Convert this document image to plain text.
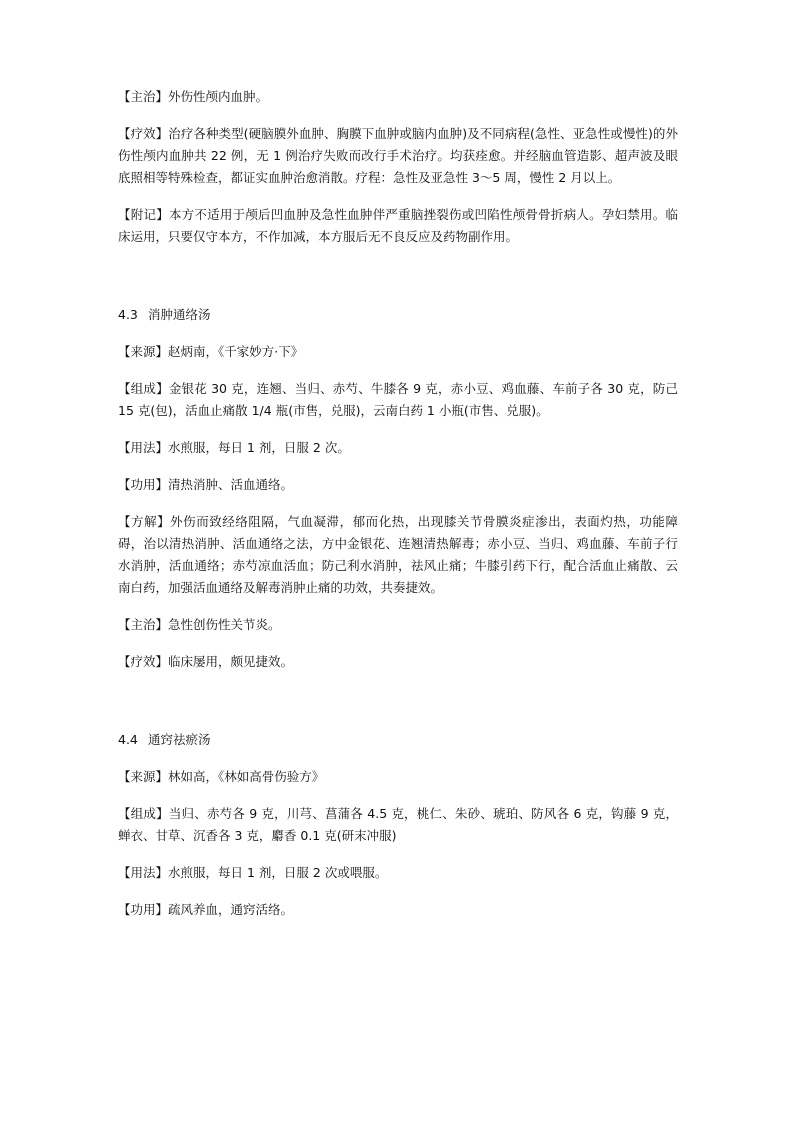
【主治】外伤性颅内血肿。

【疗效】治疗各种类型(硬脑膜外血肿、胸膜下血肿或脑内血肿)及不同病程(急性、亚急性或慢性)的外伤性颅内血肿共 22 例，无 1 例治疗失败而改行手术治疗。均获痊愈。并经脑血管造影、超声波及眼底照相等特殊检查，都证实血肿治愈消散。疗程：急性及亚急性 3～5 周，慢性 2 月以上。

【附记】本方不适用于颅后凹血肿及急性血肿伴严重脑挫裂伤或凹陷性颅骨骨折病人。孕妇禁用。临床运用，只要仅守本方，不作加减，本方服后无不良反应及药物副作用。

4.3 消肿通络汤

【来源】赵炳南，《千家妙方·下》

【组成】金银花 30 克，连翘、当归、赤芍、牛膝各 9 克，赤小豆、鸡血藤、车前子各 30 克，防己 15 克(包)，活血止痛散 1/4 瓶(市售，兑服)，云南白药 1 小瓶(市售、兑服)。

【用法】水煎服，每日 1 剂，日服 2 次。

【功用】清热消肿、活血通络。

【方解】外伤而致经络阻隔，气血凝滞，郁而化热，出现膝关节骨膜炎症渗出，表面灼热，功能障碍，治以清热消肿、活血通络之法，方中金银花、连翘清热解毒；赤小豆、当归、鸡血藤、车前子行水消肿，活血通络；赤芍凉血活血；防己利水消肿，祛风止痛；牛膝引药下行，配合活血止痛散、云南白药，加强活血通络及解毒消肿止痛的功效，共奏捷效。

【主治】急性创伤性关节炎。

【疗效】临床屡用，颇见捷效。

4.4 通窍祛瘀汤

【来源】林如高，《林如高骨伤验方》

【组成】当归、赤芍各 9 克，川芎、菖蒲各 4.5 克，桃仁、朱砂、琥珀、防风各 6 克，钩藤 9 克，蝉衣、甘草、沉香各 3 克，麝香 0.1 克(研末冲服)

【用法】水煎服，每日 1 剂，日服 2 次或喂服。

【功用】疏风养血，通窍活络。
